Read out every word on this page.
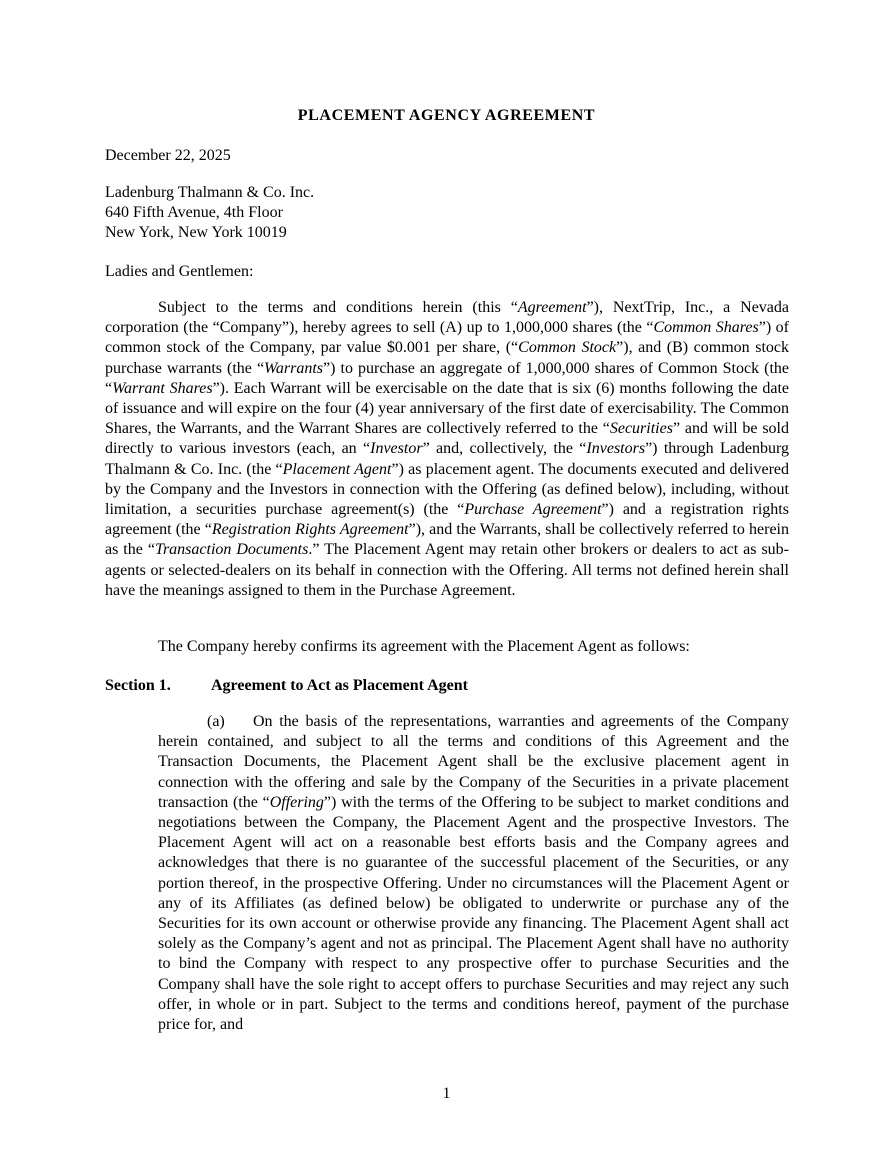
PLACEMENT AGENCY AGREEMENT
December 22, 2025
Ladenburg Thalmann & Co. Inc.
640 Fifth Avenue, 4th Floor
New York, New York 10019
Ladies and Gentlemen:

Subject to the terms and conditions herein (this “Agreement”), NextTrip, Inc., a Nevada corporation (the “Company”), hereby agrees to sell (A) up to 1,000,000 shares (the “Common Shares”) of common stock of the Company, par value $0.001 per share, (“Common Stock”), and (B) common stock purchase warrants (the “Warrants”) to purchase an aggregate of 1,000,000 shares of Common Stock (the “Warrant Shares”). Each Warrant will be exercisable on the date that is six (6) months following the date of issuance and will expire on the four (4) year anniversary of the first date of exercisability. The Common Shares, the Warrants, and the Warrant Shares are collectively referred to the “Securities” and will be sold directly to various investors (each, an “Investor” and, collectively, the “Investors”) through Ladenburg Thalmann & Co. Inc. (the “Placement Agent”) as placement agent. The documents executed and delivered by the Company and the Investors in connection with the Offering (as defined below), including, without limitation, a securities purchase agreement(s) (the “Purchase Agreement”) and a registration rights agreement (the “Registration Rights Agreement”), and the Warrants, shall be collectively referred to herein as the “Transaction Documents.” The Placement Agent may retain other brokers or dealers to act as sub-agents or selected-dealers on its behalf in connection with the Offering. All terms not defined herein shall have the meanings assigned to them in the Purchase Agreement.

The Company hereby confirms its agreement with the Placement Agent as follows:

Section 1.	Agreement to Act as Placement Agent

(a) On the basis of the representations, warranties and agreements of the Company herein contained, and subject to all the terms and conditions of this Agreement and the Transaction Documents, the Placement Agent shall be the exclusive placement agent in connection with the offering and sale by the Company of the Securities in a private placement transaction (the “Offering”) with the terms of the Offering to be subject to market conditions and negotiations between the Company, the Placement Agent and the prospective Investors. The Placement Agent will act on a reasonable best efforts basis and the Company agrees and acknowledges that there is no guarantee of the successful placement of the Securities, or any portion thereof, in the prospective Offering. Under no circumstances will the Placement Agent or any of its Affiliates (as defined below) be obligated to underwrite or purchase any of the Securities for its own account or otherwise provide any financing. The Placement Agent shall act solely as the Company’s agent and not as principal. The Placement Agent shall have no authority to bind the Company with respect to any prospective offer to purchase Securities and the Company shall have the sole right to accept offers to purchase Securities and may reject any such offer, in whole or in part. Subject to the terms and conditions hereof, payment of the purchase price for, and

1
